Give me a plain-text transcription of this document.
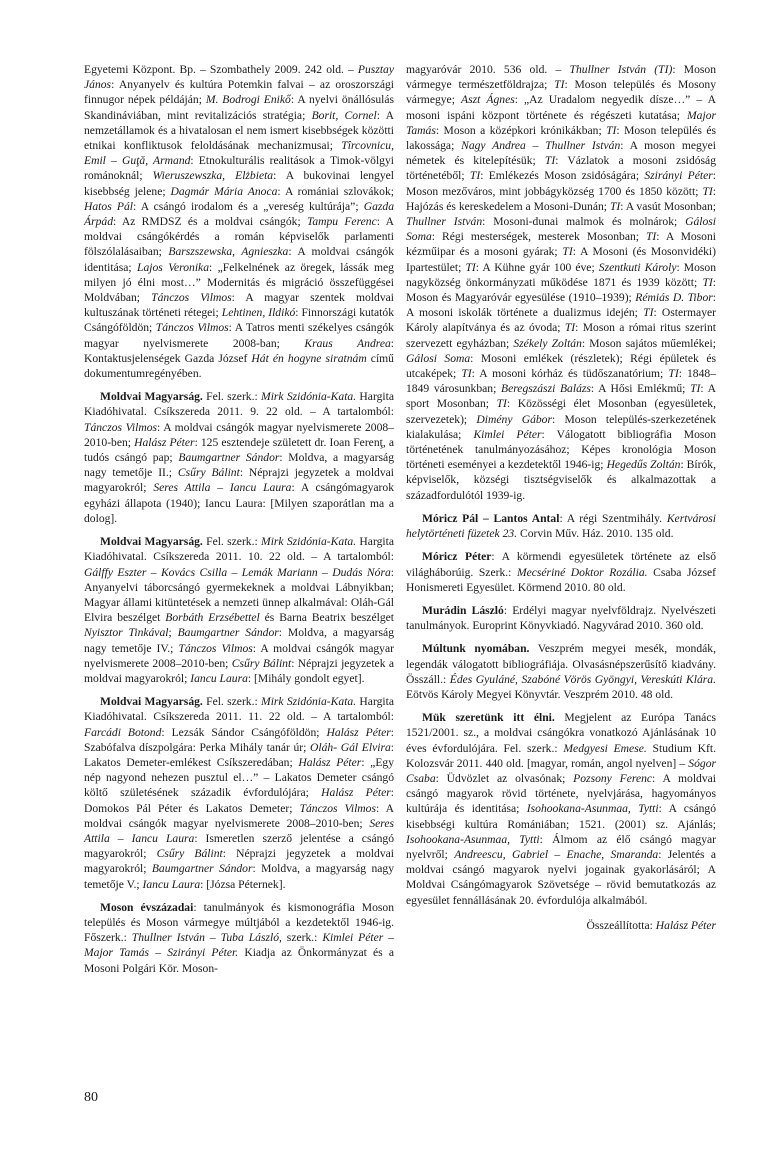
Egyetemi Központ. Bp. – Szombathely 2009. 242 old. – Pusztay János: Anyanyelv és kultúra Potemkin falvai – az oroszországi finnugor népek példáján; M. Bodrogi Enikő: A nyelvi önállósulás Skandináviában, mint revitalizációs stratégia; Borit, Cornel: A nemzetállamok és a hivatalosan el nem ismert kisebbségek közötti etnikai konfliktusok feloldásának mechanizmusai; Tîrcovnicu, Emil – Guţă, Armand: Etnokulturális realitások a Timok-völgyi románoknál; Wieruszewszka, Elżbieta: A bukovinai lengyel kisebbség jelene; Dagmár Mária Anoca: A romániai szlovákok; Hatos Pál: A csángó irodalom és a „vereség kultúrája”; Gazda Árpád: Az RMDSZ és a moldvai csángók; Tampu Ferenc: A moldvai csángókérdés a román képviselők parlamenti fölszólalásaiban; Barszszewska, Agnieszka: A moldvai csángók identitása; Lajos Veronika: „Felkelnének az öregek, lássák meg milyen jó élni most…” Modernitás és migráció összefüggései Moldvában; Tánczos Vilmos: A magyar szentek moldvai kultuszának történeti rétegei; Lehtinen, Ildikó: Finnországi kutatók Csángóföldön; Tánczos Vilmos: A Tatros menti székelyes csángók magyar nyelvismerete 2008-ban; Kraus Andrea: Kontaktusjelenségek Gazda József Hát én hogyne siratnám című dokumentumregényében.

Moldvai Magyarság. Fel. szerk.: Mirk Szidónia-Katа. Hargita Kiadóhivatal. Csíkszereda 2011. 9. 22 old. – A tartalomból: Tánczos Vilmos: A moldvai csángók magyar nyelvismerete 2008–2010-ben; Halász Péter: 125 esztendeje született dr. Ioan Ferenţ, a tudós csángó pap; Baumgartner Sándor: Moldva, a magyarság nagy temetője II.; Csűry Bálint: Néprajzi jegyzetek a moldvai magyarokról; Seres Attila – Iancu Laura: A csángómagyarok egyházi állapota (1940); Iancu Laura: [Milyen szaporátlan ma a dolog].

Moldvai Magyarság. Fel. szerk.: Mirk Szidónia-Kata. Hargita Kiadóhivatal. Csíkszereda 2011. 10. 22 old. – A tartalomból: Gálffy Eszter – Kovács Csilla – Lemák Mariann – Dudás Nóra: Anyanyelvi táborcsángó gyermekeknek a moldvai Lábnyikban; Magyar állami kitüntetések a nemzeti ünnep alkalmával: Oláh-Gál Elvira beszélget Borbáth Erzsébettel és Barna Beatrix beszélget Nyisztor Tinkával; Baumgartner Sándor: Moldva, a magyarság nagy temetője IV.; Tánczos Vilmos: A moldvai csángók magyar nyelvismerete 2008–2010-ben; Csűry Bálint: Néprajzi jegyzetek a moldvai magyarokról; Iancu Laura: [Mihály gondolt egyet].

Moldvai Magyarság. Fel. szerk.: Mirk Szidónia-Kata. Hargita Kiadóhivatal. Csíkszereda 2011. 11. 22 old. – A tartalomból: Farcádi Botond: Lezsák Sándor Csángóföldön; Halász Péter: Szabófalva díszpolgára: Perka Mihály tanár úr; Oláh- Gál Elvira: Lakatos Demeter-emlékest Csíkszeredában; Halász Péter: „Egy nép nagyond nehezen pusztul el…” – Lakatos Demeter csángó költő születésének századik évfordulójára; Halász Péter: Domokos Pál Péter és Lakatos Demeter; Tánczos Vilmos: A moldvai csángók magyar nyelvismerete 2008–2010-ben; Seres Attila – Iancu Laura: Ismeretlen szerző jelentése a csángó magyarokról; Csűry Bálint: Néprajzi jegyzetek a moldvai magyarokról; Baumgartner Sándor: Moldva, a magyarság nagy temetője V.; Iancu Laura: [Józsa Péternek].

Moson évszázadai: tanulmányok és kismonográfia Moson település és Moson vármegye múltjából a kezdetektől 1946-ig. Főszerk.: Thullner István – Tuba László, szerk.: Kimlei Péter – Major Tamás – Szirányi Péter. Kiadja az Önkormányzat és a Mosoni Polgári Kör. Moson-

magyaróvár 2010. 536 old. – Thullner István (TI): Moson vármegye természetföldrajza; TI: Moson település és Mosony vármegye; Aszt Ágnes: „Az Uradalom negyedik dísze…” – A mosoni ispáni központ története és régészeti kutatása; Major Tamás: Moson a középkori krónikákban; TI: Moson település és lakossága; Nagy Andrea – Thullner István: A moson megyei németek és kitelepítésük; TI: Vázlatok a mosoni zsidóság történetéből; TI: Emlékezés Moson zsidóságára; Szirányi Péter: Moson mezőváros, mint jobbágyközség 1700 és 1850 között; TI: Hajózás és kereskedelem a Mosoni-Dunán; TI: A vasút Mosonban; Thullner István: Mosoni-dunai malmok és molnárok; Gálosi Soma: Régi mesterségek, mesterek Mosonban; TI: A Mosoni kézműipar és a mosoni gyárak; TI: A Mosoni (és Mosonvidéki) Ipartestület; TI: A Kühne gyár 100 éve; Szentkuti Károly: Moson nagyközség önkormányzati működése 1871 és 1939 között; TI: Moson és Magyaróvár egyesülése (1910–1939); Rémiás D. Tibor: A mosoni iskolák története a dualizmus idején; TI: Ostermayer Károly alapítványa és az óvoda; TI: Moson a római ritus szerint szervezett egyházban; Székely Zoltán: Moson sajátos műemlékei; Gálosi Soma: Mosoni emlékek (részletek); Régi épületek és utcaképek; TI: A mosoni kórház és tüdőszanatórium; TI: 1848–1849 városunkban; Beregszászi Balázs: A Hősi Emlékmű; TI: A sport Mosonban; TI: Közösségi élet Mosonban (egyesületek, szervezetek); Dimény Gábor: Moson település-szerkezetének kialakulása; Kimlei Péter: Válogatott bibliográfia Moson történetének tanulmányozásához; Képes kronológia Moson történeti eseményei a kezdetektől 1946-ig; Hegedűs Zoltán: Bírók, képviselők, községi tisztségviselők és alkalmazottak a századfordulótól 1939-ig.

Móricz Pál – Lantos Antal: A régi Szentmihály. Kertvárosi helytörténeti füzetek 23. Corvin Műv. Ház. 2010. 135 old.

Móricz Péter: A körmendi egyesületek története az első világháborúig. Szerk.: Mecsériné Doktor Rozália. Csaba József Honismereti Egyesület. Körmend 2010. 80 old.

Murádin László: Erdélyi magyar nyelvföldrajz. Nyelvészeti tanulmányok. Europrint Könyvkiadó. Nagyvárad 2010. 360 old.

Múltunk nyomában. Veszprém megyei mesék, mondák, legendák válogatott bibliográfiája. Olvasásnépszerűsítő kiadvány. Összáll.: Édes Gyuláné, Szabóné Vörös Gyöngyi, Vereskúti Klára. Eötvös Károly Megyei Könyvtár. Veszprém 2010. 48 old.

Mük szeretünk itt élni. Megjelent az Európa Tanács 1521/2001. sz., a moldvai csángókra vonatkozó Ajánlásának 10 éves évfordulójára. Fel. szerk.: Medgyesi Emese. Studium Kft. Kolozsvár 2011. 440 old. [magyar, román, angol nyelven] – Sógor Csaba: Üdvözlet az olvasónak; Pozsony Ferenc: A moldvai csángó magyarok rövid története, nyelvjárása, hagyományos kultúrája és identitása; Isohookana-Asunmaa, Tytti: A csángó kisebbségi kultúra Romániában; 1521. (2001) sz. Ajánlás; Isohookana-Asunmaa, Tytti: Álmom az élő csángó magyar nyelvről; Andreescu, Gabriel – Enache, Smaranda: Jelentés a moldvai csángó magyarok nyelvi jogainak gyakorlásáról; A Moldvai Csángómagyarok Szövetsége – rövid bemutatkozás az egyesület fennállásának 20. évfordulója alkalmából.

Összeállította: Halász Péter

80
